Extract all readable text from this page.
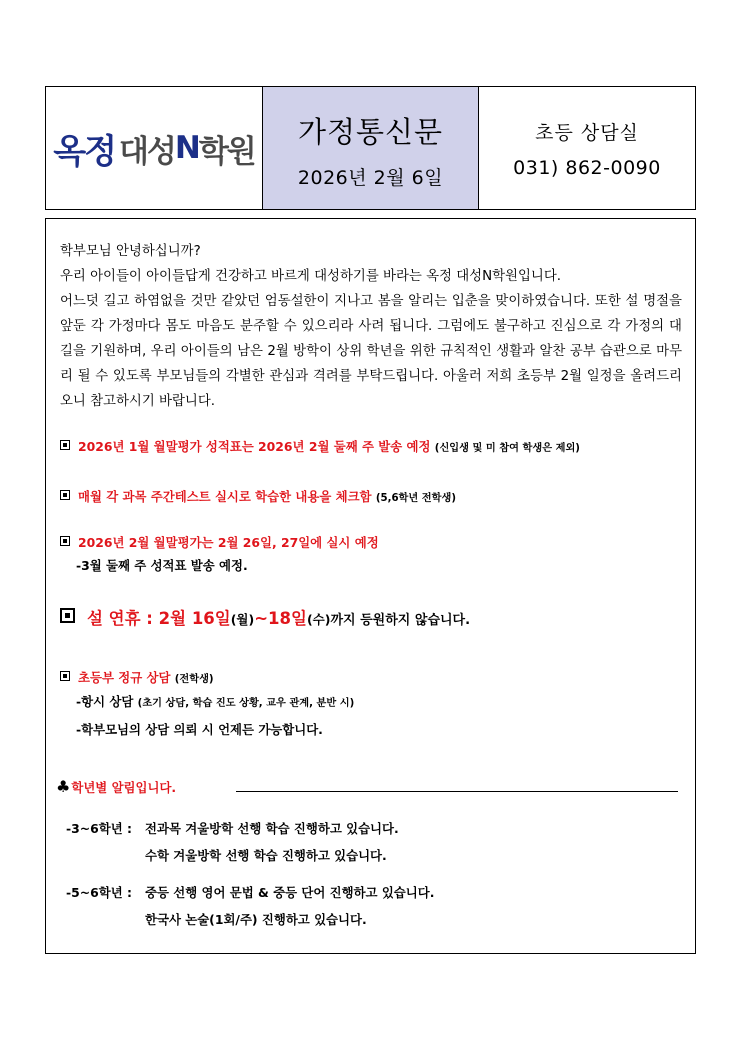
옥정 대성 N 학원
가정통신문
2026년 2월 6일
초등 상담실
031) 862-0090

학부모님 안녕하십니까?

우리 아이들이 아이들답게 건강하고 바르게 대성하기를 바라는 옥정 대성N학원입니다.

어느덧 길고 하염없을 것만 같았던 엄동설한이 지나고 봄을 알리는 입춘을 맞이하였습니다. 또한 설 명절을 앞둔 각 가정마다 몸도 마음도 분주할 수 있으리라 사려 됩니다. 그럼에도 불구하고 진심으로 각 가정의 대길을 기원하며, 우리 아이들의 남은 2월 방학이 상위 학년을 위한 규칙적인 생활과 알찬 공부 습관으로 마무리 될 수 있도록 부모님들의 각별한 관심과 격려를 부탁드립니다. 아울러 저희 초등부 2월 일정을 올려드리오니 참고하시기 바랍니다.

2026년 1월 월말평가 성적표는 2026년 2월 둘째 주 발송 예정 (신입생 및 미 참여 학생은 제외)
매월 각 과목 주간테스트 실시로 학습한 내용을 체크함 (5,6학년 전학생)
2026년 2월 월말평가는 2월 26일, 27일에 실시 예정
-3월 둘째 주 성적표 발송 예정.
설 연휴 : 2월 16일(월)~18일(수)까지 등원하지 않습니다.
초등부 정규 상담 (전학생)
-항시 상담 (초기 상담, 학습 진도 상황, 교우 관계, 분반 시)
-학부모님의 상담 의뢰 시 언제든 가능합니다.
♣학년별 알림입니다.
-3~6학년 : 전과목 겨울방학 선행 학습 진행하고 있습니다.
수학 겨울방학 선행 학습 진행하고 있습니다.
-5~6학년 : 중등 선행 영어 문법 & 중등 단어 진행하고 있습니다.
한국사 논술(1회/주) 진행하고 있습니다.
